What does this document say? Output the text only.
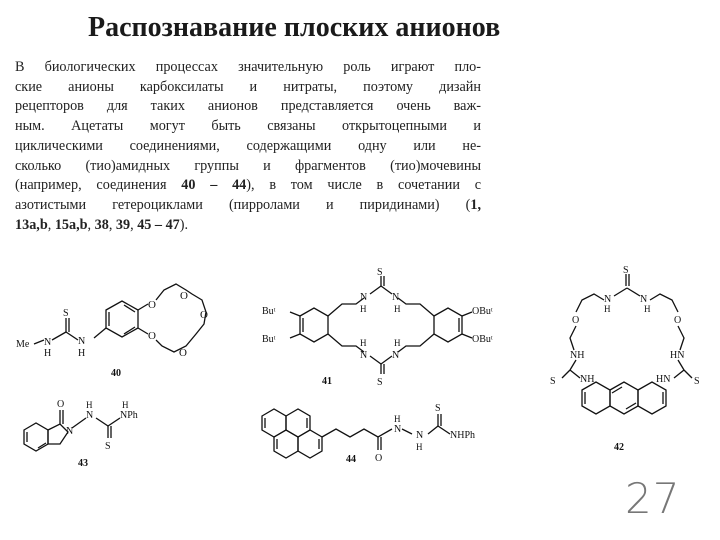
Распознавание плоских анионов
В биологических процессах значительную роль играют пло-
ские анионы карбоксилаты и нитраты, поэтому дизайн
рецепторов для таких анионов представляется очень важ-
ным. Ацетаты могут быть связаны открытоцепными и
циклическими соединениями, содержащими одну или не-
сколько (тио)амидных группы и фрагментов (тио)мочевины
(например, соединения 40 – 44), в том числе в сочетании с
азотистыми гетероциклами (пирролами и пиридинами) (1,
13a,b, 15a,b, 38, 39, 45 – 47).
O
O
O
O
O
S
N
N
H
H
Me
40
S
S
N N
N N
H	H
H	H
Buᵗ
Buᵗ
OBuᵗ
OBuᵗ
41
S
S	S
O	O
N	N
NH
NH
HN
HN
H	H
42
O
N
N	NPh
S
H	H
43	O
N
N	NHPh
S
H
H
44
27
